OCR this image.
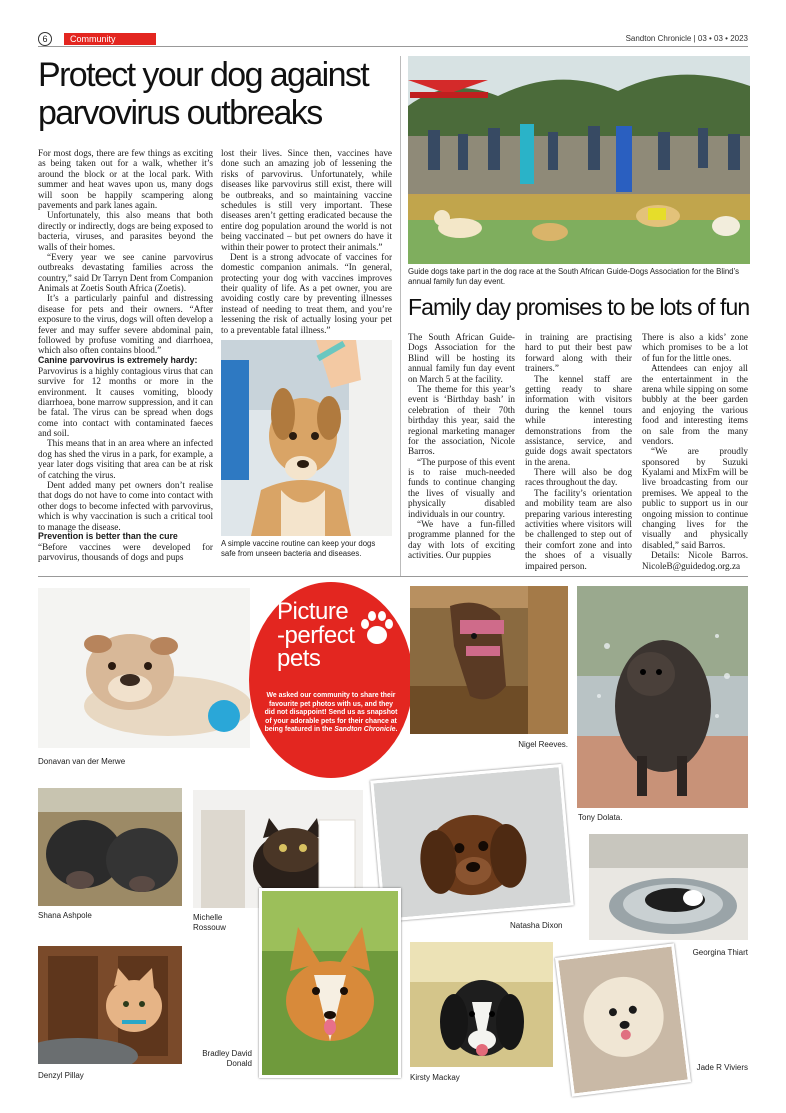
6	Community	Sandton Chronicle | 03 • 03 • 2023
Protect your dog against parvovirus outbreaks

For most dogs, there are few things as exciting as being taken out for a walk, whether it’s around the block or at the local park. With summer and heat waves upon us, many dogs will soon be happily scampering along pavements and park lanes again.

Unfortunately, this also means that both directly or indirectly, dogs are being exposed to bacteria, viruses, and parasites beyond the walls of their homes.

“Every year we see canine parvovirus outbreaks devastating families across the country,” said Dr Tarryn Dent from Companion Animals at Zoetis South Africa (Zoetis).

It’s a particularly painful and distressing disease for pets and their owners. “After exposure to the virus, dogs will often develop a fever and may suffer severe abdominal pain, followed by profuse vomiting and diarrhoea, which also often contains blood.”

Canine parvovirus is extremely hardy:

Parvovirus is a highly contagious virus that can survive for 12 months or more in the environment. It causes vomiting, bloody diarrhoea, bone marrow suppression, and it can be fatal. The virus can be spread when dogs come into contact with contaminated faeces and soil.

This means that in an area where an infected dog has shed the virus in a park, for example, a year later dogs visiting that area can be at risk of catching the virus.

Dent added many pet owners don’t realise that dogs do not have to come into contact with other dogs to become infected with parvovirus, which is why vaccination is such a critical tool to manage the disease.

Prevention is better than the cure

“Before vaccines were developed for parvovirus, thousands of dogs and pups

lost their lives. Since then, vaccines have done such an amazing job of lessening the risks of parvovirus. Unfortunately, while diseases like parvovirus still exist, there will be outbreaks, and so maintaining vaccine schedules is still very important. These diseases aren’t getting eradicated because the entire dog population around the world is not being vaccinated – but pet owners do have it within their power to protect their animals.”

Dent is a strong advocate of vaccines for domestic companion animals. “In general, protecting your dog with vaccines improves their quality of life. As a pet owner, you are avoiding costly care by preventing illnesses instead of needing to treat them, and you’re lessening the risk of actually losing your pet to a preventable fatal illness.”

A simple vaccine routine can keep your dogs safe from unseen bacteria and diseases.
Guide dogs take part in the dog race at the South African Guide-Dogs Association for the Blind’s annual family fun day event.
Family day promises to be lots of fun

The South African Guide-Dogs Association for the Blind will be hosting its annual family fun day event on March 5 at the facility.

The theme for this year’s event is ‘Birthday bash’ in celebration of their 70th birthday this year, said the regional marketing manager for the association, Nicole Barros.

“The purpose of this event is to raise much-needed funds to continue changing the lives of visually and physically disabled individuals in our country.

“We have a fun-filled programme planned for the day with lots of exciting activities. Our puppies

in training are practising hard to put their best paw forward along with their trainers.”

The kennel staff are getting ready to share information with visitors during the kennel tours while interesting demonstrations from the assistance, service, and guide dogs await spectators in the arena.

There will also be dog races throughout the day.

The facility’s orientation and mobility team are also preparing various interesting activities where visitors will be challenged to step out of their comfort zone and into the shoes of a visually impaired person.

There is also a kids’ zone which promises to be a lot of fun for the little ones.

Attendees can enjoy all the entertainment in the arena while sipping on some bubbly at the beer garden and enjoying the various food and interesting items on sale from the many vendors.

“We are proudly sponsored by Suzuki Kyalami and MixFm will be live broadcasting from our premises. We appeal to the public to support us in our ongoing mission to continue changing lives for the visually and physically disabled,” said Barros.

Details: Nicole Barros. NicoleB@guidedog.org.za

Donavan van der Merwe
Picture
-perfect
pets
We asked our community to share their favourite pet photos with us, and they did not disappoint! Send us as snapshot of your adorable pets for their chance at being featured in the Sandton Chronicle.
Nigel Reeves.
Tony Dolata.
Shana Ashpole	Michelle Rossouw	Natasha Dixon
Georgina Thiart
Denzyl Pillay
Bradley David Donald
Kirsty Mackay
Jade R Viviers
